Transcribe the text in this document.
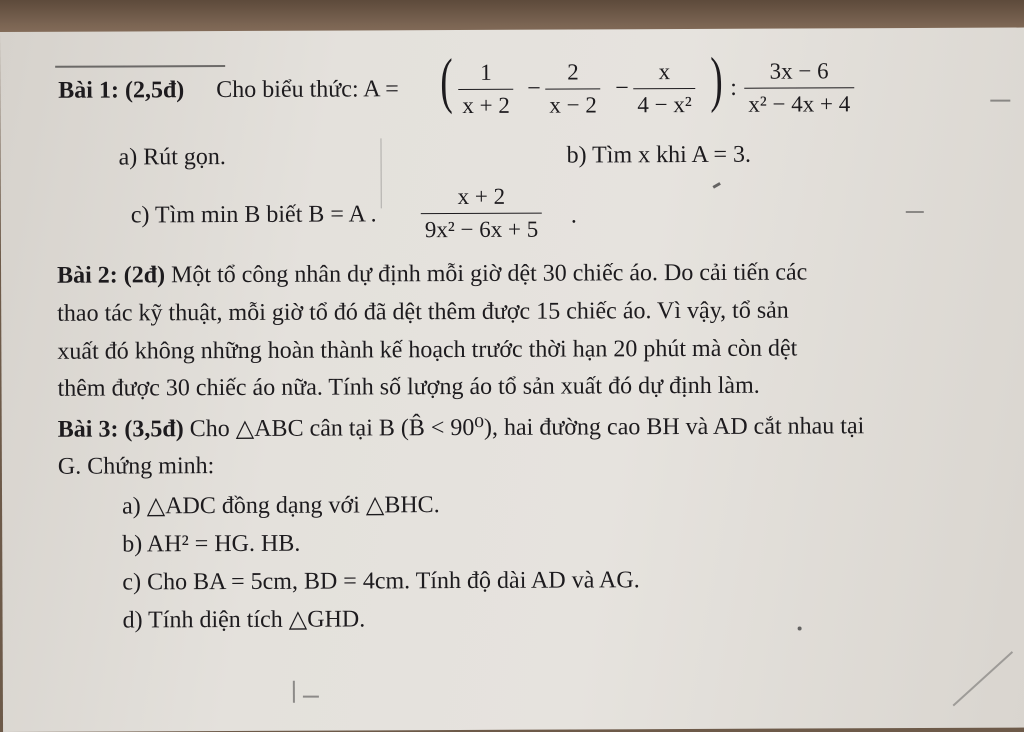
Bài 1: (2,5đ) Cho biểu thức: A = ( $\frac{1}{x + 2} - \frac{2}{x - 2} - \frac{x}{\text{4 − x²}}$ ) : $\frac{3x - 6}{\text{x² − 4x + 4}}$
a) Rút gọn.	b) Tìm x khi A = 3.
c) Tìm min B biết B = A . $\frac{x + 2}{\text{9x² − 6x + 5}}$ .
Bài 2: (2đ) Một tổ công nhân dự định mỗi giờ dệt 30 chiếc áo. Do cải tiến các
thao tác kỹ thuật, mỗi giờ tổ đó đã dệt thêm được 15 chiếc áo. Vì vậy, tổ sản
xuất đó không những hoàn thành kế hoạch trước thời hạn 20 phút mà còn dệt
thêm được 30 chiếc áo nữa. Tính số lượng áo tổ sản xuất đó dự định làm.
Bài 3: (3,5đ) Cho △ABC cân tại B (B̂ < 90⁰), hai đường cao BH và AD cắt nhau tại
G. Chứng minh:
a) △ADC đồng dạng với △BHC.
b) AH² = HG. HB.
c) Cho BA = 5cm, BD = 4cm. Tính độ dài AD và AG.
d) Tính diện tích △GHD.
